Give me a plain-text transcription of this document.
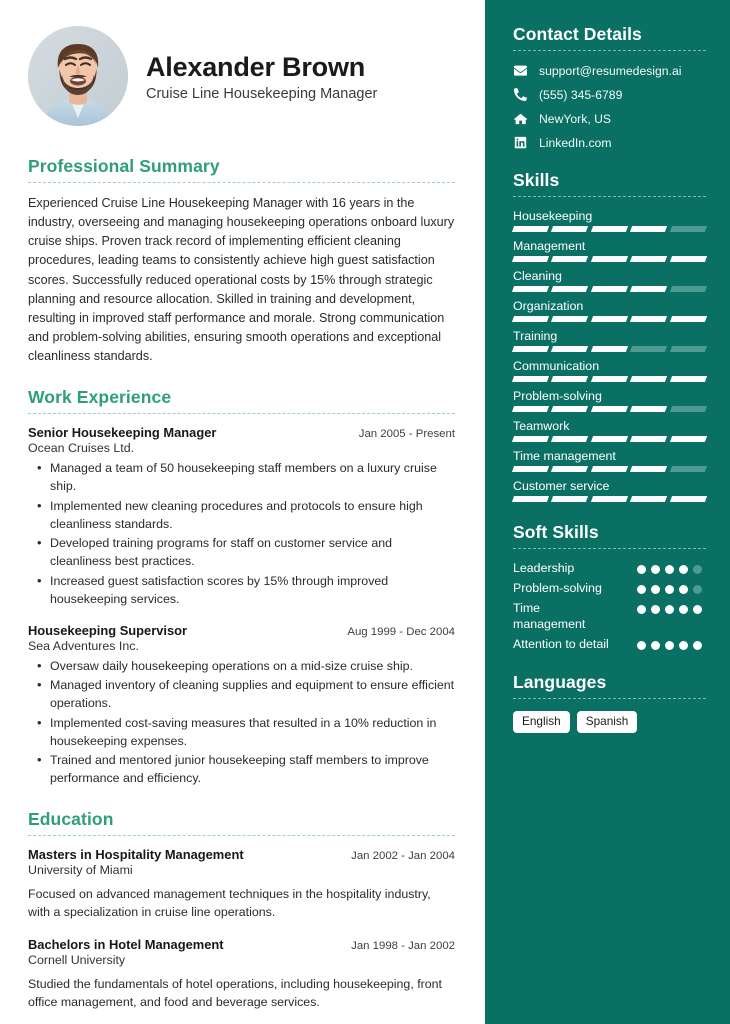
Alexander Brown
Cruise Line Housekeeping Manager
Professional Summary
Experienced Cruise Line Housekeeping Manager with 16 years in the industry, overseeing and managing housekeeping operations onboard luxury cruise ships. Proven track record of implementing efficient cleaning procedures, leading teams to consistently achieve high guest satisfaction scores. Successfully reduced operational costs by 15% through strategic planning and resource allocation. Skilled in training and development, resulting in improved staff performance and morale. Strong communication and problem-solving abilities, ensuring smooth operations and exceptional cleanliness standards.
Work Experience
Senior Housekeeping Manager	Jan 2005 - Present
Ocean Cruises Ltd.
• Managed a team of 50 housekeeping staff members on a luxury cruise ship.
• Implemented new cleaning procedures and protocols to ensure high cleanliness standards.
• Developed training programs for staff on customer service and cleanliness best practices.
• Increased guest satisfaction scores by 15% through improved housekeeping services.
Housekeeping Supervisor	Aug 1999 - Dec 2004
Sea Adventures Inc.
• Oversaw daily housekeeping operations on a mid-size cruise ship.
• Managed inventory of cleaning supplies and equipment to ensure efficient operations.
• Implemented cost-saving measures that resulted in a 10% reduction in housekeeping expenses.
• Trained and mentored junior housekeeping staff members to improve performance and efficiency.
Education
Masters in Hospitality Management	Jan 2002 - Jan 2004
University of Miami
Focused on advanced management techniques in the hospitality industry, with a specialization in cruise line operations.
Bachelors in Hotel Management	Jan 1998 - Jan 2002
Cornell University
Studied the fundamentals of hotel operations, including housekeeping, front office management, and food and beverage services.
Contact Details
support@resumedesign.ai
(555) 345-6789
NewYork, US
LinkedIn.com
Skills
Housekeeping
Management
Cleaning
Organization
Training
Communication
Problem-solving
Teamwork
Time management
Customer service
Soft Skills
Leadership
Problem-solving
Time management
Attention to detail
Languages
English	Spanish
